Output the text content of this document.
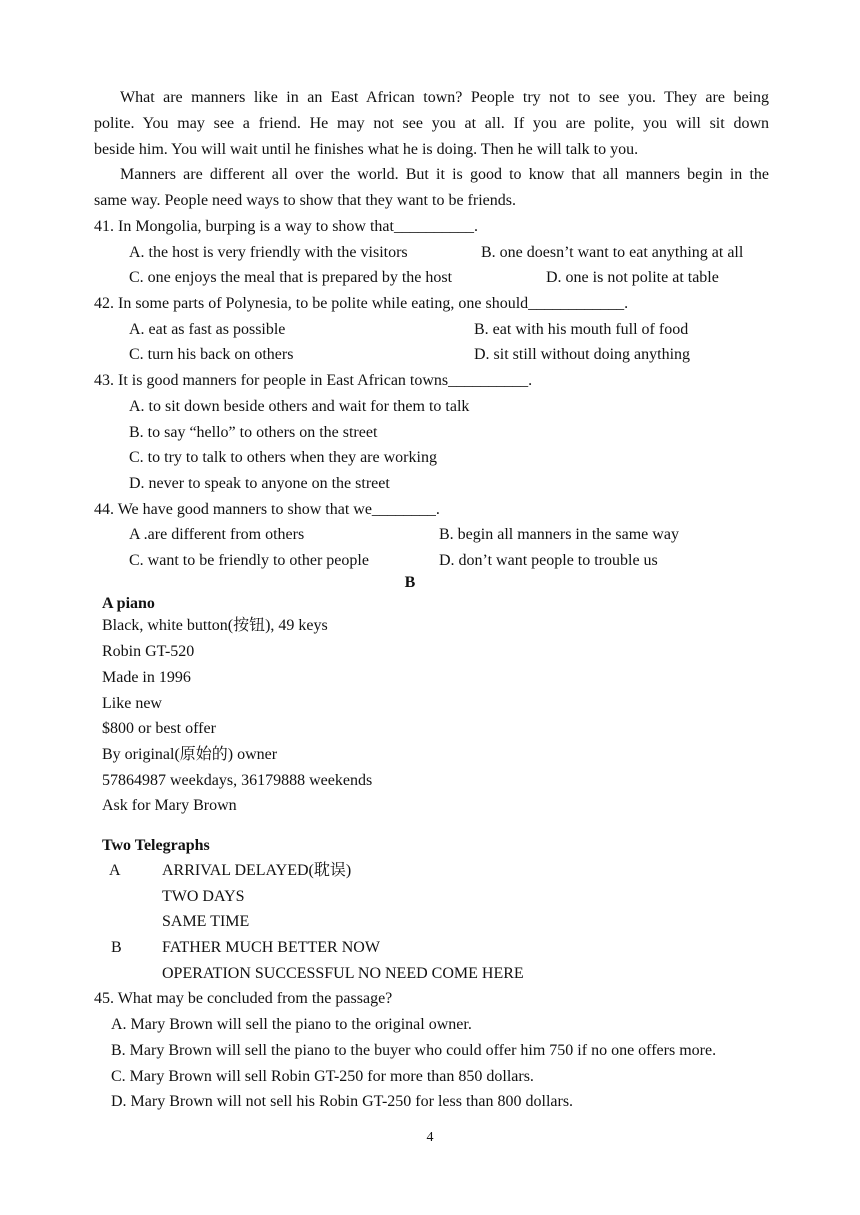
What are manners like in an East African town? People try not to see you. They are being
polite. You may see a friend. He may not see you at all. If you are polite, you will sit down
beside him. You will wait until he finishes what he is doing. Then he will talk to you.
Manners are different all over the world. But it is good to know that all manners begin in the
same way. People need ways to show that they want to be friends.
41. In Mongolia, burping is a way to show that__________.
A. the host is very friendly with the visitors	B. one doesn’t want to eat anything at all
C. one enjoys the meal that is prepared by the host	D. one is not polite at table
42. In some parts of Polynesia, to be polite while eating, one should____________.
A. eat as fast as possible	B. eat with his mouth full of food
C. turn his back on others	D. sit still without doing anything
43. It is good manners for people in East African towns__________.
A. to sit down beside others and wait for them to talk
B. to say “hello” to others on the street
C. to try to talk to others when they are working
D. never to speak to anyone on the street
44. We have good manners to show that we________.
A .are different from others	B. begin all manners in the same way
C. want to be friendly to other people	D. don’t want people to trouble us
B
A piano
Black, white button(按钮), 49 keys
Robin GT-520
Made in 1996
Like new
$800 or best offer
By original(原始的) owner
57864987 weekdays, 36179888 weekends
Ask for Mary Brown
Two Telegraphs
A	ARRIVAL DELAYED(耽误)
TWO DAYS
SAME TIME
B	FATHER MUCH BETTER NOW
OPERATION SUCCESSFUL NO NEED COME HERE
45. What may be concluded from the passage?
A. Mary Brown will sell the piano to the original owner.
B. Mary Brown will sell the piano to the buyer who could offer him 750 if no one offers more.
C. Mary Brown will sell Robin GT-250 for more than 850 dollars.
D. Mary Brown will not sell his Robin GT-250 for less than 800 dollars.
4
